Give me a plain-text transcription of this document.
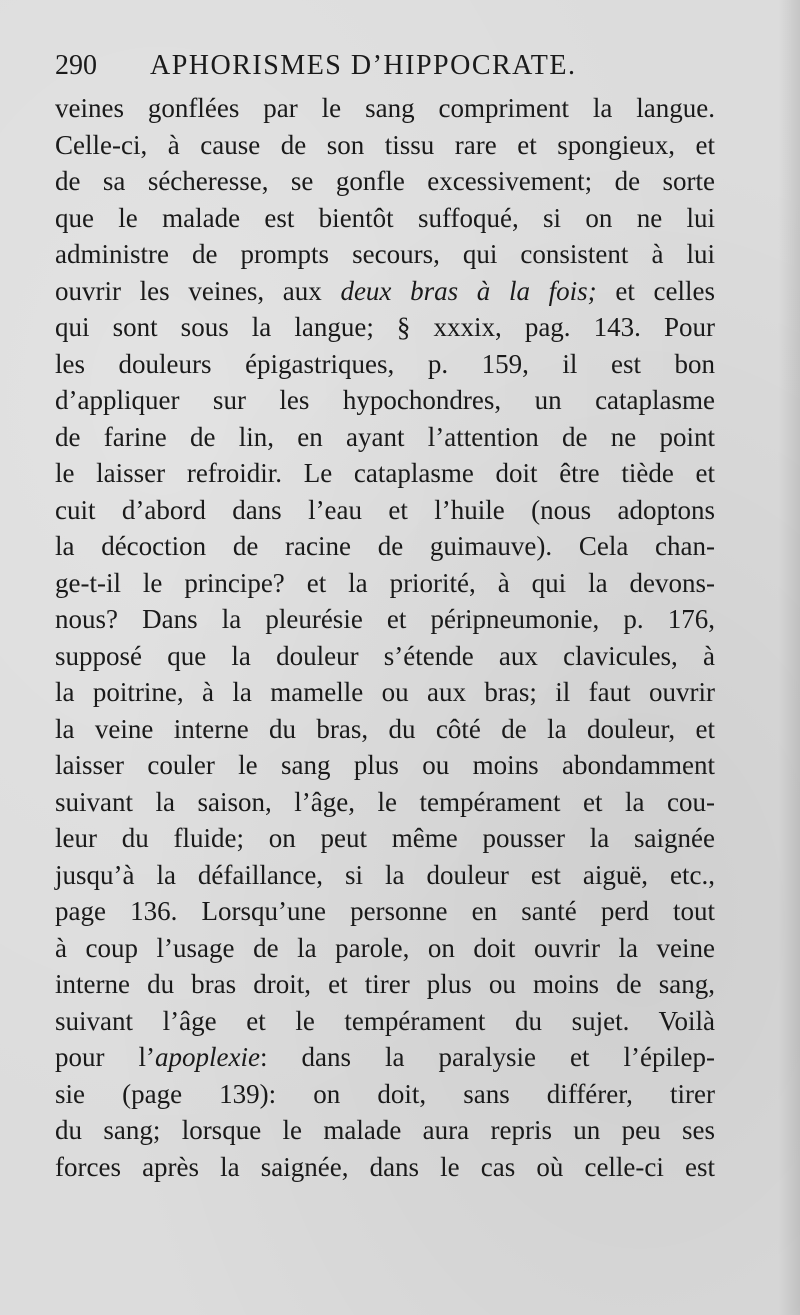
290 APHORISMES D’HIPPOCRATE.
veines gonflées par le sang compriment la langue.
Celle-ci, à cause de son tissu rare et spongieux, et
de sa sécheresse, se gonfle excessivement; de sorte
que le malade est bientôt suffoqué, si on ne lui
administre de prompts secours, qui consistent à lui
ouvrir les veines, aux deux bras à la fois; et celles
qui sont sous la langue; § xxxix, pag. 143. Pour
les douleurs épigastriques, p. 159, il est bon
d’appliquer sur les hypochondres, un cataplasme
de farine de lin, en ayant l’attention de ne point
le laisser refroidir. Le cataplasme doit être tiède et
cuit d’abord dans l’eau et l’huile (nous adoptons
la décoction de racine de guimauve). Cela chan-
ge-t-il le principe? et la priorité, à qui la devons-
nous? Dans la pleurésie et péripneumonie, p. 176,
supposé que la douleur s’étende aux clavicules, à
la poitrine, à la mamelle ou aux bras; il faut ouvrir
la veine interne du bras, du côté de la douleur, et
laisser couler le sang plus ou moins abondamment
suivant la saison, l’âge, le tempérament et la cou-
leur du fluide; on peut même pousser la saignée
jusqu’à la défaillance, si la douleur est aiguë, etc.,
page 136. Lorsqu’une personne en santé perd tout
à coup l’usage de la parole, on doit ouvrir la veine
interne du bras droit, et tirer plus ou moins de sang,
suivant l’âge et le tempérament du sujet. Voilà
pour l’apoplexie: dans la paralysie et l’épilep-
sie (page 139): on doit, sans différer, tirer
du sang; lorsque le malade aura repris un peu ses
forces après la saignée, dans le cas où celle-ci est
